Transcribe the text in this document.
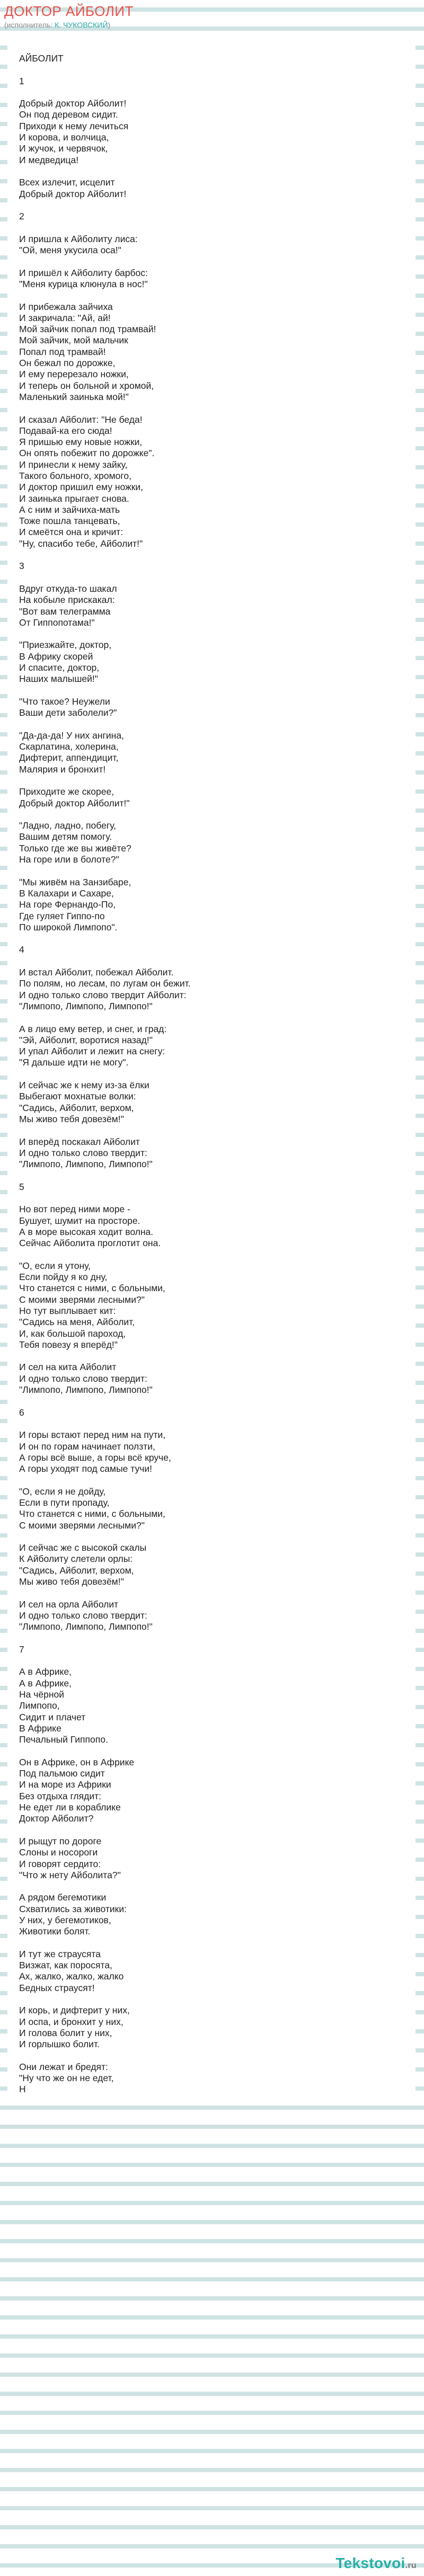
ДОКТОР АЙБОЛИТ
(исполнитель: К. ЧУКОВСКИЙ)
АЙБОЛИТ

1

Добрый доктор Айболит!
Он под деревом сидит.
Приходи к нему лечиться
И корова, и волчица,
И жучок, и червячок,
И медведица!

Всех излечит, исцелит
Добрый доктор Айболит!

2

И пришла к Айболиту лиса:
"Ой, меня укусила оса!"

И пришёл к Айболиту барбос:
"Меня курица клюнула в нос!"

И прибежала зайчиха
И закричала: "Ай, ай!
Мой зайчик попал под трамвай!
Мой зайчик, мой мальчик
Попал под трамвай!
Он бежал по дорожке,
И ему перерезало ножки,
И теперь он больной и хромой,
Маленький заинька мой!"

И сказал Айболит: "Не беда!
Подавай-ка его сюда!
Я пришью ему новые ножки,
Он опять побежит по дорожке".
И принесли к нему зайку,
Такого больного, хромого,
И доктор пришил ему ножки,
И заинька прыгает снова.
А с ним и зайчиха-мать
Тоже пошла танцевать,
И смеётся она и кричит:
"Ну, спасибо тебе, Айболит!"

3

Вдруг откуда-то шакал
На кобыле прискакал:
"Вот вам телеграмма
От Гиппопотама!"

"Приезжайте, доктор,
В Африку скорей
И спасите, доктор,
Наших малышей!"

"Что такое? Неужели
Ваши дети заболели?"

"Да-да-да! У них ангина,
Скарлатина, холерина,
Дифтерит, аппендицит,
Малярия и бронхит!

Приходите же скорее,
Добрый доктор Айболит!"

"Ладно, ладно, побегу,
Вашим детям помогу.
Только где же вы живёте?
На горе или в болоте?"

"Мы живём на Занзибаре,
В Калахари и Сахаре,
На горе Фернандо-По,
Где гуляет Гиппо-по
По широкой Лимпопо".

4

И встал Айболит, побежал Айболит.
По полям, но лесам, по лугам он бежит.
И одно только слово твердит Айболит:
"Лимпопо, Лимпопо, Лимпопо!"

А в лицо ему ветер, и снег, и град:
"Эй, Айболит, воротися назад!"
И упал Айболит и лежит на снегу:
"Я дальше идти не могу".

И сейчас же к нему из-за ёлки
Выбегают мохнатые волки:
"Садись, Айболит, верхом,
Мы живо тебя довезём!"

И вперёд поскакал Айболит
И одно только слово твердит:
"Лимпопо, Лимпопо, Лимпопо!"

5

Но вот перед ними море -
Бушует, шумит на просторе.
А в море высокая ходит волна.
Сейчас Айболита проглотит она.

"О, если я утону,
Если пойду я ко дну,
Что станется с ними, с больными,
С моими зверями лесными?"
Но тут выплывает кит:
"Садись на меня, Айболит,
И, как большой пароход,
Тебя повезу я вперёд!"

И сел на кита Айболит
И одно только слово твердит:
"Лимпопо, Лимпопо, Лимпопо!"

6

И горы встают перед ним на пути,
И он по горам начинает ползти,
А горы всё выше, а горы всё круче,
А горы уходят под самые тучи!

"О, если я не дойду,
Если в пути пропаду,
Что станется с ними, с больными,
С моими зверями лесными?"

И сейчас же с высокой скалы
К Айболиту слетели орлы:
"Садись, Айболит, верхом,
Мы живо тебя довезём!"

И сел на орла Айболит
И одно только слово твердит:
"Лимпопо, Лимпопо, Лимпопо!"

7

А в Африке,
А в Африке,
На чёрной
Лимпопо,
Сидит и плачет
В Африке
Печальный Гиппопо.

Он в Африке, он в Африке
Под пальмою сидит
И на море из Африки
Без отдыха глядит:
Не едет ли в кораблике
Доктор Айболит?

И рыщут по дороге
Слоны и носороги
И говорят сердито:
"Что ж нету Айболита?"

А рядом бегемотики
Схватились за животики:
У них, у бегемотиков,
Животики болят.

И тут же страусята
Визжат, как поросята,
Ах, жалко, жалко, жалко
Бедных страусят!

И корь, и дифтерит у них,
И оспа, и бронхит у них,
И голова болит у них,
И горлышко болит.

Они лежат и бредят:
"Ну что же он не едет,
Н
Tekstovoi.ru
